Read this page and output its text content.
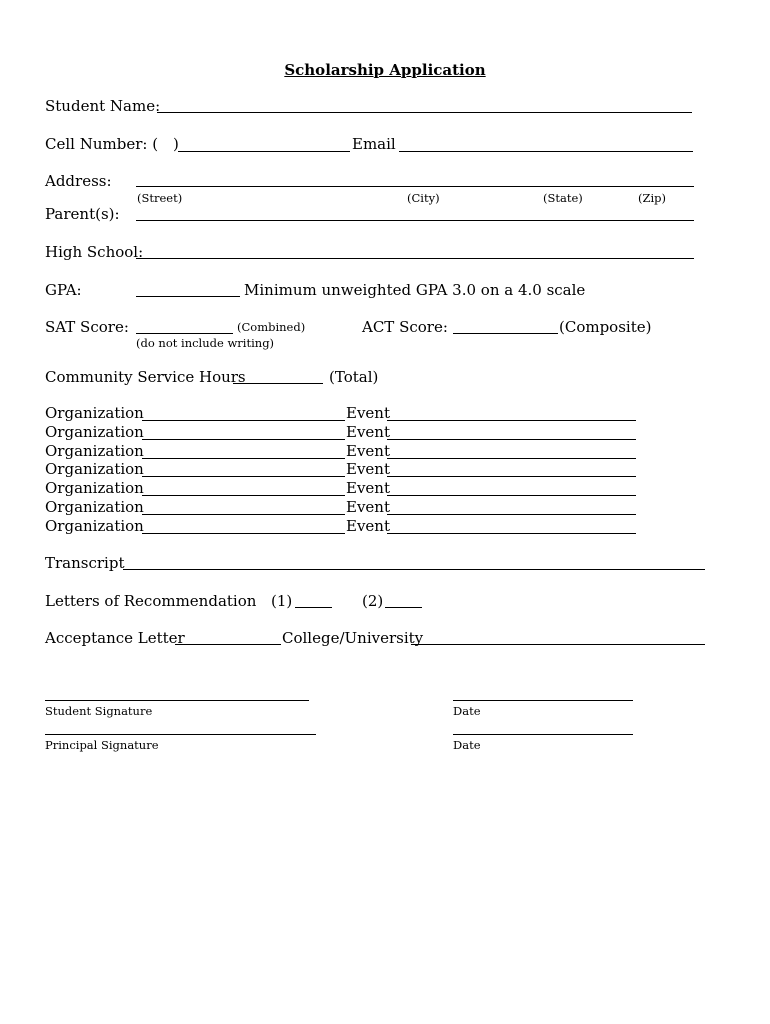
Scholarship Application
Student Name:
Cell Number: ( )	Email
Address:
(Street)	(City)	(State)	(Zip)
Parent(s):
High School:
GPA:	Minimum unweighted GPA 3.0 on a 4.0 scale
SAT Score:	(Combined)
(do not include writing)
ACT Score:	(Composite)
Community Service Hours	(Total)
Organization	Event
Organization	Event
Organization	Event
Organization	Event
Organization	Event
Organization	Event
Organization	Event
Transcript
Letters of Recommendation (1)	(2)
Acceptance Letter	College/University
Student Signature	Date
Principal Signature	Date
